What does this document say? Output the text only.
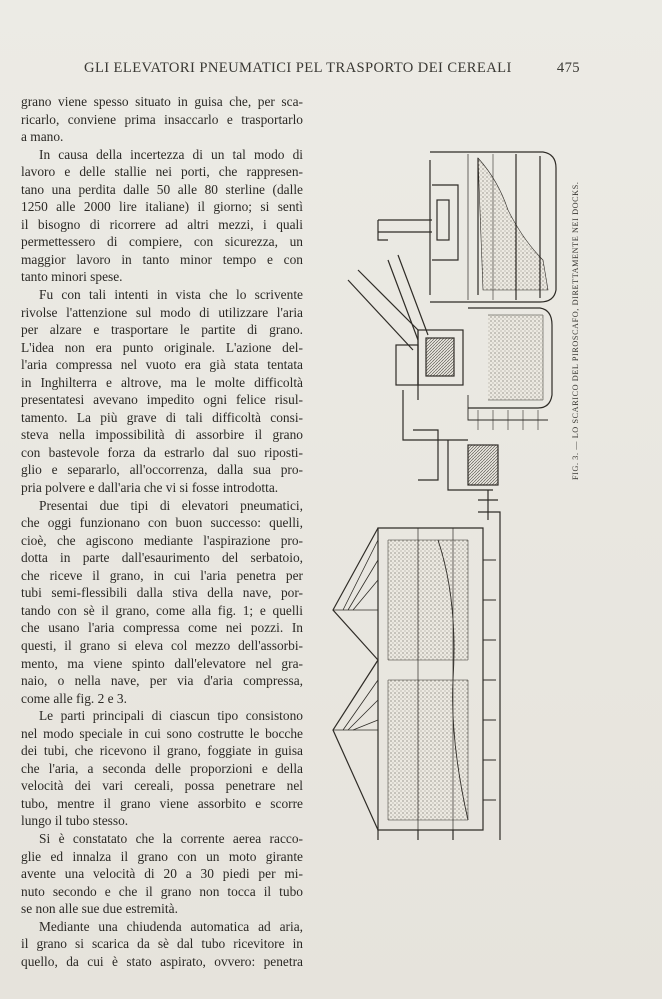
GLI ELEVATORI PNEUMATICI PEL TRASPORTO DEI CEREALI	475
grano viene spesso situato in guisa che, per sca-
ricarlo, conviene prima insaccarlo e trasportarlo
a mano.
In causa della incertezza di un tal modo di
lavoro e delle stallie nei porti, che rappresen-
tano una perdita dalle 50 alle 80 sterline (dalle
1250 alle 2000 lire italiane) il giorno; si sentì
il bisogno di ricorrere ad altri mezzi, i quali
permettessero di compiere, con sicurezza, un
maggior lavoro in tanto minor tempo e con
tanto minori spese.
Fu con tali intenti in vista che lo scrivente
rivolse l'attenzione sul modo di utilizzare l'aria
per alzare e trasportare le partite di grano.
L'idea non era punto originale. L'azione del-
l'aria compressa nel vuoto era già stata tentata
in Inghilterra e altrove, ma le molte difficoltà
presentatesi avevano impedito ogni felice risul-
tamento. La più grave di tali difficoltà consi-
steva nella impossibilità di assorbire il grano
con bastevole forza da estrarlo dal suo riposti-
glio e separarlo, all'occorrenza, dalla sua pro-
pria polvere e dall'aria che vi si fosse introdotta.
Presentai due tipi di elevatori pneumatici,
che oggi funzionano con buon successo: quelli,
cioè, che agiscono mediante l'aspirazione pro-
dotta in parte dall'esaurimento del serbatoio,
che riceve il grano, in cui l'aria penetra per
tubi semi-flessibili dalla stiva della nave, por-
tando con sè il grano, come alla fig. 1; e quelli
che usano l'aria compressa come nei pozzi. In
questi, il grano si eleva col mezzo dell'assorbi-
mento, ma viene spinto dall'elevatore nel gra-
naio, o nella nave, per via d'aria compressa,
come alle fig. 2 e 3.
Le parti principali di ciascun tipo consistono
nel modo speciale in cui sono costrutte le bocche
dei tubi, che ricevono il grano, foggiate in guisa
che l'aria, a seconda delle proporzioni e della
velocità dei vari cereali, possa penetrare nel
tubo, mentre il grano viene assorbito e scorre
lungo il tubo stesso.
Si è constatato che la corrente aerea racco-
glie ed innalza il grano con un moto girante
avente una velocità di 20 a 30 piedi per mi-
nuto secondo e che il grano non tocca il tubo
se non alle sue due estremità.
Mediante una chiudenda automatica ad aria,
il grano si scarica da sè dal tubo ricevitore in
quello, da cui è stato aspirato, ovvero: penetra
FIG. 3. — LO SCARICO DEL PIROSCAFO, DIRETTAMENTE NEI DOCKS.
